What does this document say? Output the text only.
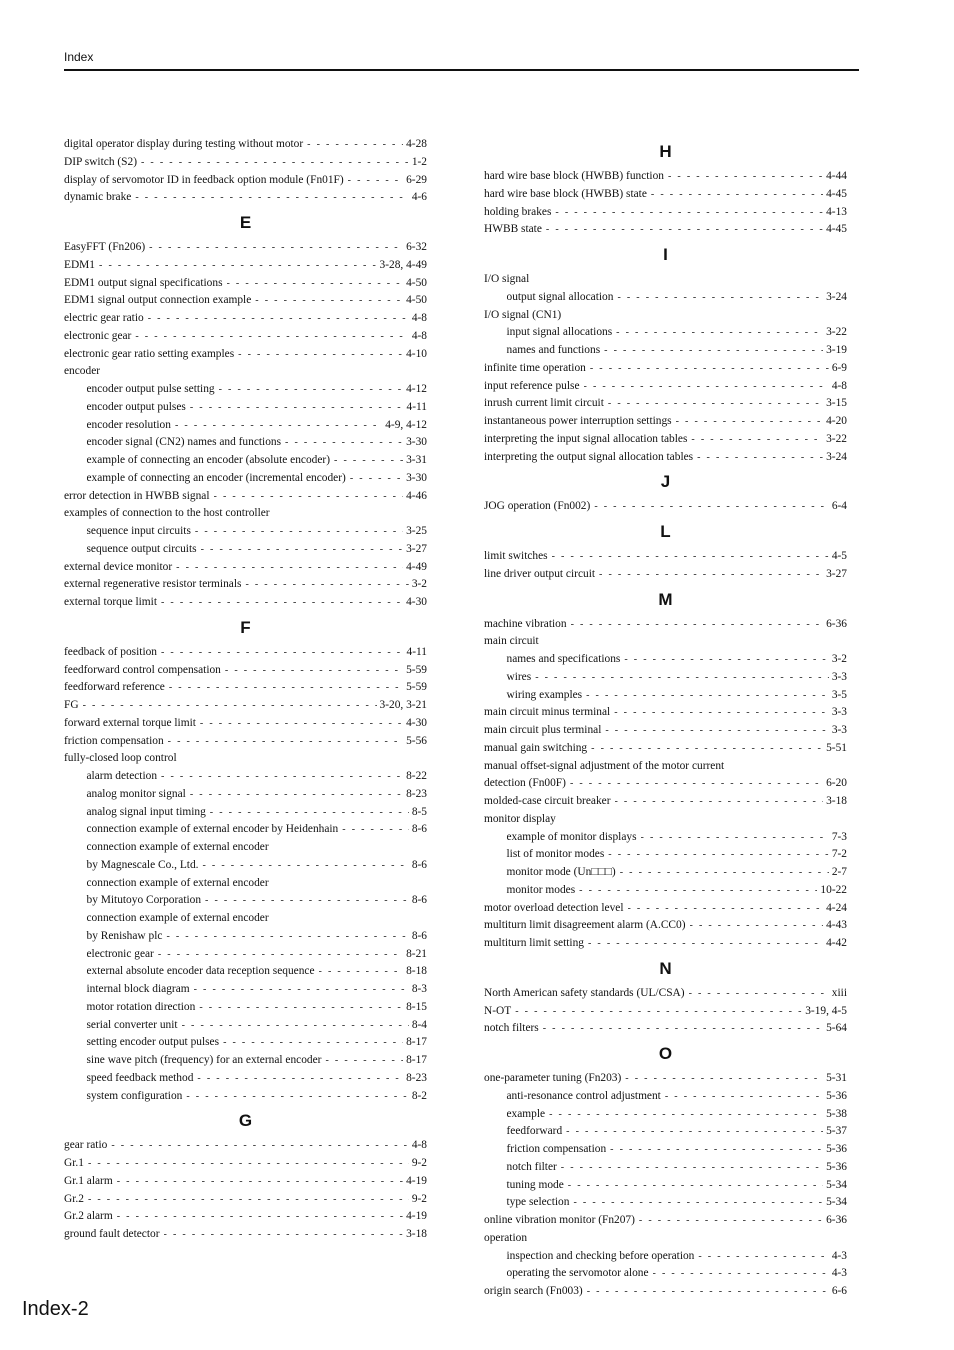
Index
digital operator display during testing without motor - - -	4-28
DIP switch (S2) - - -	1-2
display of servomotor ID in feedback option module (Fn01F) - - -	6-29
dynamic brake - - -	4-6
E
EasyFFT (Fn206) - - -	6-32
EDM1 - - -	3-28, 4-49
EDM1 output signal specifications - - -	4-50
EDM1 signal output connection example - - -	4-50
electric gear ratio - - -	4-8
electronic gear - - -	4-8
electronic gear ratio setting examples - - -	4-10
encoder
encoder output pulse setting - - -	4-12
encoder output pulses - - -	4-11
encoder resolution - - -	4-9, 4-12
encoder signal (CN2) names and functions - - -	3-30
example of connecting an encoder (absolute encoder) - - -	3-31
example of connecting an encoder (incremental encoder) - - -	3-30
error detection in HWBB signal - - -	4-46
examples of connection to the host controller
sequence input circuits - - -	3-25
sequence output circuits - - -	3-27
external device monitor - - -	4-49
external regenerative resistor terminals - - -	3-2
external torque limit - - -	4-30
F
feedback of position - - -	4-11
feedforward control compensation - - -	5-59
feedforward reference - - -	5-59
FG - - -	3-20, 3-21
forward external torque limit - - -	4-30
friction compensation - - -	5-56
fully-closed loop control
alarm detection - - -	8-22
analog monitor signal - - -	8-23
analog signal input timing - - -	8-5
connection example of external encoder by Heidenhain - - -	8-6
connection example of external encoder
by Magnescale Co., Ltd. - - -	8-6
connection example of external encoder
by Mitutoyo Corporation - - -	8-6
connection example of external encoder
by Renishaw plc - - -	8-6
electronic gear - - -	8-21
external absolute encoder data reception sequence - - -	8-18
internal block diagram - - -	8-3
motor rotation direction - - -	8-15
serial converter unit - - -	8-4
setting encoder output pulses - - -	8-17
sine wave pitch (frequency) for an external encoder - - -	8-17
speed feedback method - - -	8-23
system configuration - - -	8-2
G
gear ratio - - -	4-8
Gr.1 - - -	9-2
Gr.1 alarm - - -	4-19
Gr.2 - - -	9-2
Gr.2 alarm - - -	4-19
ground fault detector - - -	3-18
H
hard wire base block (HWBB) function - - -	4-44
hard wire base block (HWBB) state - - -	4-45
holding brakes - - -	4-13
HWBB state - - -	4-45
I
I/O signal
output signal allocation - - -	3-24
I/O signal (CN1)
input signal allocations - - -	3-22
names and functions - - -	3-19
infinite time operation - - -	6-9
input reference pulse - - -	4-8
inrush current limit circuit - - -	3-15
instantaneous power interruption settings - - -	4-20
interpreting the input signal allocation tables - - -	3-22
interpreting the output signal allocation tables - - -	3-24
J
JOG operation (Fn002) - - -	6-4
L
limit switches - - -	4-5
line driver output circuit - - -	3-27
M
machine vibration - - -	6-36
main circuit
names and specifications - - -	3-2
wires - - -	3-3
wiring examples - - -	3-5
main circuit minus terminal - - -	3-3
main circuit plus terminal - - -	3-3
manual gain switching - - -	5-51
manual offset-signal adjustment of the motor current
detection (Fn00F) - - -	6-20
molded-case circuit breaker - - -	3-18
monitor display
example of monitor displays - - -	7-3
list of monitor modes - - -	7-2
monitor mode (Un□□□) - - -	2-7
monitor modes - - -	10-22
motor overload detection level - - -	4-24
multiturn limit disagreement alarm (A.CC0) - - -	4-43
multiturn limit setting - - -	4-42
N
North American safety standards (UL/CSA) - - -	xiii
N-OT - - -	3-19, 4-5
notch filters - - -	5-64
O
one-parameter tuning (Fn203) - - -	5-31
anti-resonance control adjustment - - -	5-36
example - - -	5-38
feedforward - - -	5-37
friction compensation - - -	5-36
notch filter - - -	5-36
tuning mode - - -	5-34
type selection - - -	5-34
online vibration monitor (Fn207) - - -	6-36
operation
inspection and checking before operation - - -	4-3
operating the servomotor alone - - -	4-3
origin search (Fn003) - - -	6-6
Index-2
